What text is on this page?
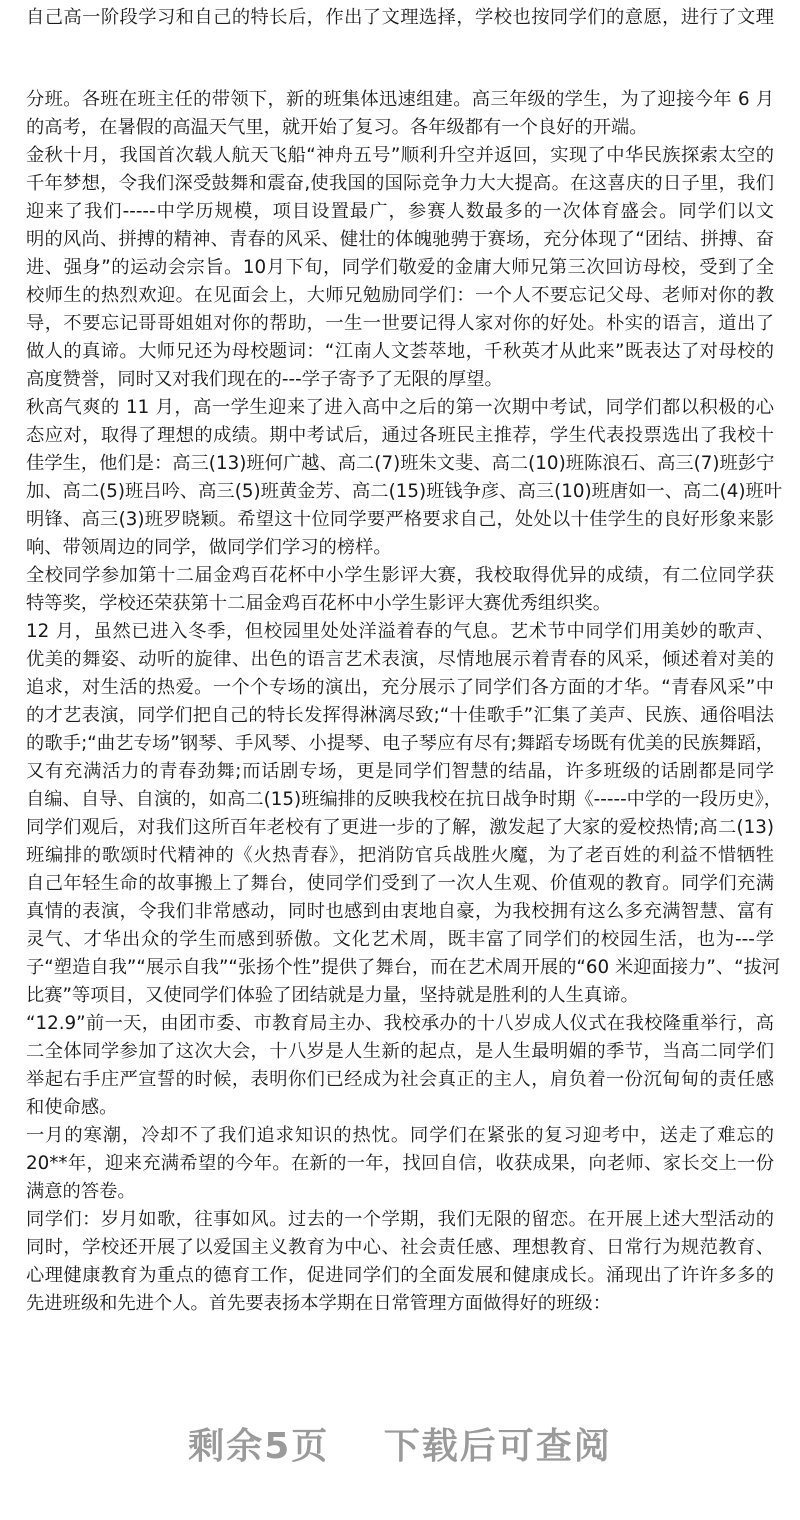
自己高一阶段学习和自己的特长后，作出了文理选择，学校也按同学们的意愿，进行了文理
分班。各班在班主任的带领下，新的班集体迅速组建。高三年级的学生，为了迎接今年 6 月
的高考，在暑假的高温天气里，就开始了复习。各年级都有一个良好的开端。
金秋十月，我国首次载人航天飞船“神舟五号”顺利升空并返回，实现了中华民族探索太空的
千年梦想，令我们深受鼓舞和震奋,使我国的国际竞争力大大提高。在这喜庆的日子里，我们
迎来了我们-----中学历规模，项目设置最广，参赛人数最多的一次体育盛会。同学们以文
明的风尚、拼搏的精神、青春的风采、健壮的体魄驰骋于赛场，充分体现了“团结、拼搏、奋
进、强身”的运动会宗旨。10月下旬，同学们敬爱的金庸大师兄第三次回访母校，受到了全
校师生的热烈欢迎。在见面会上，大师兄勉励同学们：一个人不要忘记父母、老师对你的教
导，不要忘记哥哥姐姐对你的帮助，一生一世要记得人家对你的好处。朴实的语言，道出了
做人的真谛。大师兄还为母校题词：“江南人文荟萃地，千秋英才从此来”既表达了对母校的
高度赞誉，同时又对我们现在的---学子寄予了无限的厚望。
秋高气爽的 11 月，高一学生迎来了进入高中之后的第一次期中考试，同学们都以积极的心
态应对，取得了理想的成绩。期中考试后，通过各班民主推荐，学生代表投票选出了我校十
佳学生，他们是：高三(13)班何广越、高二(7)班朱文斐、高二(10)班陈浪石、高三(7)班彭宁
加、高二(5)班吕吟、高三(5)班黄金芳、高二(15)班钱争彦、高三(10)班唐如一、高二(4)班叶
明锋、高三(3)班罗晓颖。希望这十位同学要严格要求自己，处处以十佳学生的良好形象来影
响、带领周边的同学，做同学们学习的榜样。
全校同学参加第十二届金鸡百花杯中小学生影评大赛，我校取得优异的成绩，有二位同学获
特等奖，学校还荣获第十二届金鸡百花杯中小学生影评大赛优秀组织奖。
12 月，虽然已进入冬季，但校园里处处洋溢着春的气息。艺术节中同学们用美妙的歌声、
优美的舞姿、动听的旋律、出色的语言艺术表演，尽情地展示着青春的风采，倾述着对美的
追求，对生活的热爱。一个个专场的演出，充分展示了同学们各方面的才华。“青春风采”中
的才艺表演，同学们把自己的特长发挥得淋漓尽致;“十佳歌手”汇集了美声、民族、通俗唱法
的歌手;“曲艺专场”钢琴、手风琴、小提琴、电子琴应有尽有;舞蹈专场既有优美的民族舞蹈，
又有充满活力的青春劲舞;而话剧专场，更是同学们智慧的结晶，许多班级的话剧都是同学
自编、自导、自演的，如高二(15)班编排的反映我校在抗日战争时期《-----中学的一段历史》，
同学们观后，对我们这所百年老校有了更进一步的了解，激发起了大家的爱校热情;高二(13)
班编排的歌颂时代精神的《火热青春》，把消防官兵战胜火魔，为了老百姓的利益不惜牺牲
自己年轻生命的故事搬上了舞台，使同学们受到了一次人生观、价值观的教育。同学们充满
真情的表演，令我们非常感动，同时也感到由衷地自豪，为我校拥有这么多充满智慧、富有
灵气、才华出众的学生而感到骄傲。文化艺术周，既丰富了同学们的校园生活，也为---学
子“塑造自我”“展示自我”“张扬个性”提供了舞台，而在艺术周开展的“60 米迎面接力”、“拔河
比赛”等项目，又使同学们体验了团结就是力量，坚持就是胜利的人生真谛。
“12.9”前一天，由团市委、市教育局主办、我校承办的十八岁成人仪式在我校隆重举行，高
二全体同学参加了这次大会，十八岁是人生新的起点，是人生最明媚的季节，当高二同学们
举起右手庄严宣誓的时候，表明你们已经成为社会真正的主人，肩负着一份沉甸甸的责任感
和使命感。
一月的寒潮，冷却不了我们追求知识的热忱。同学们在紧张的复习迎考中，送走了难忘的
20**年，迎来充满希望的今年。在新的一年，找回自信，收获成果，向老师、家长交上一份
满意的答卷。
同学们：岁月如歌，往事如风。过去的一个学期，我们无限的留恋。在开展上述大型活动的
同时，学校还开展了以爱国主义教育为中心、社会责任感、理想教育、日常行为规范教育、
心理健康教育为重点的德育工作，促进同学们的全面发展和健康成长。涌现出了许许多多的
先进班级和先进个人。首先要表扬本学期在日常管理方面做得好的班级：
剩余5页 下载后可查阅
